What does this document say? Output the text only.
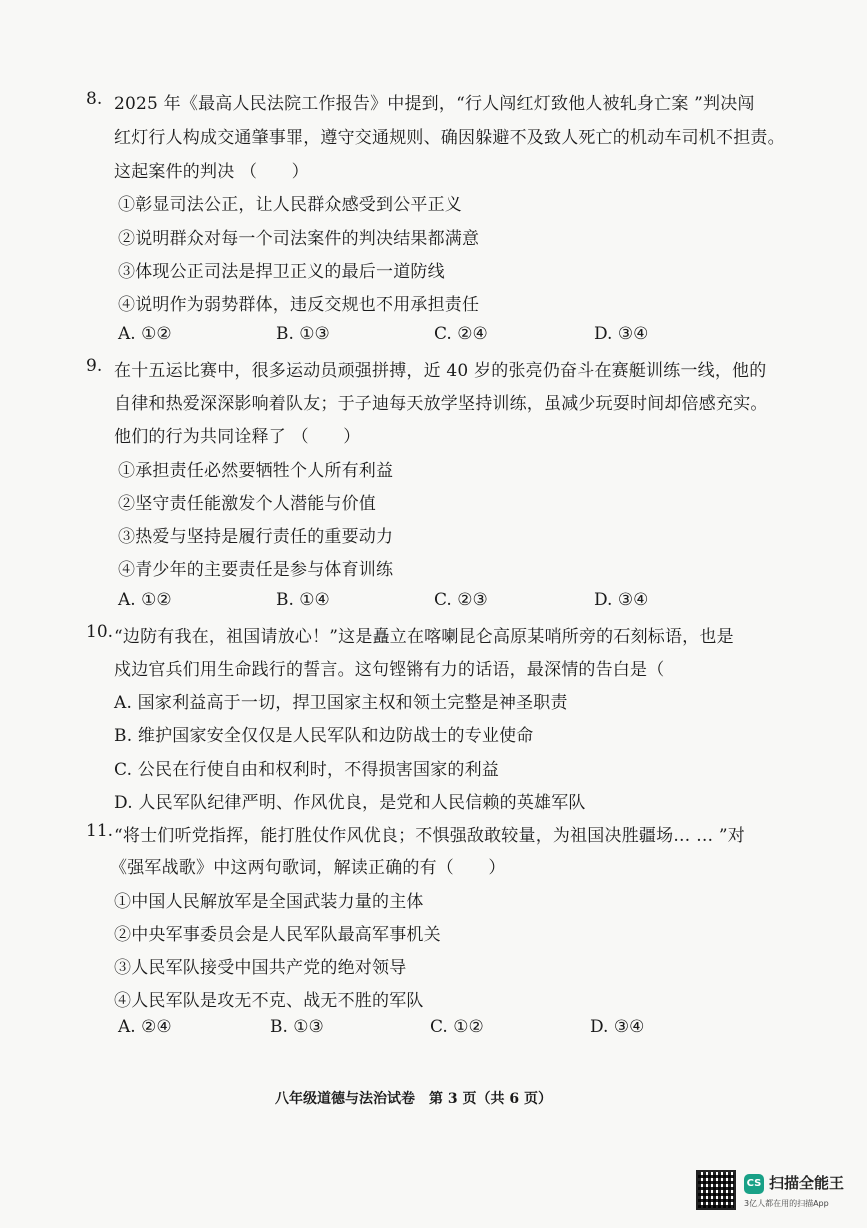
8. 2025 年《最高人民法院工作报告》中提到，“行人闯红灯致他人被轧身亡案 ”判决闯
红灯行人构成交通肇事罪，遵守交通规则、确因躲避不及致人死亡的机动车司机不担责。
这起案件的判决 （　　）
①彰显司法公正，让人民群众感受到公平正义
②说明群众对每一个司法案件的判决结果都满意
③体现公正司法是捍卫正义的最后一道防线
④说明作为弱势群体，违反交规也不用承担责任
A. ①②	B. ①③	C. ②④	D. ③④
9. 在十五运比赛中，很多运动员顽强拼搏，近 40 岁的张亮仍奋斗在赛艇训练一线，他的
自律和热爱深深影响着队友；于子迪每天放学坚持训练，虽减少玩耍时间却倍感充实。
他们的行为共同诠释了 （　　）
①承担责任必然要牺牲个人所有利益
②坚守责任能激发个人潜能与价值
③热爱与坚持是履行责任的重要动力
④青少年的主要责任是参与体育训练
A. ①②	B. ①④	C. ②③	D. ③④
10. “边防有我在，祖国请放心！”这是矗立在喀喇昆仑高原某哨所旁的石刻标语，也是
戍边官兵们用生命践行的誓言。这句铿锵有力的话语，最深情的告白是（
A. 国家利益高于一切，捍卫国家主权和领土完整是神圣职责
B. 维护国家安全仅仅是人民军队和边防战士的专业使命
C. 公民在行使自由和权利时，不得损害国家的利益
D. 人民军队纪律严明、作风优良，是党和人民信赖的英雄军队
11. “将士们听党指挥，能打胜仗作风优良；不惧强敌敢较量，为祖国决胜疆场… … ”对
《强军战歌》中这两句歌词，解读正确的有（　　）
①中国人民解放军是全国武装力量的主体
②中央军事委员会是人民军队最高军事机关
③人民军队接受中国共产党的绝对领导
④人民军队是攻无不克、战无不胜的军队
A. ②④	B. ①③	C. ①②	D. ③④
八年级道德与法治试卷　第 3 页（共 6 页）
CS 扫描全能王
3亿人都在用的扫描App
